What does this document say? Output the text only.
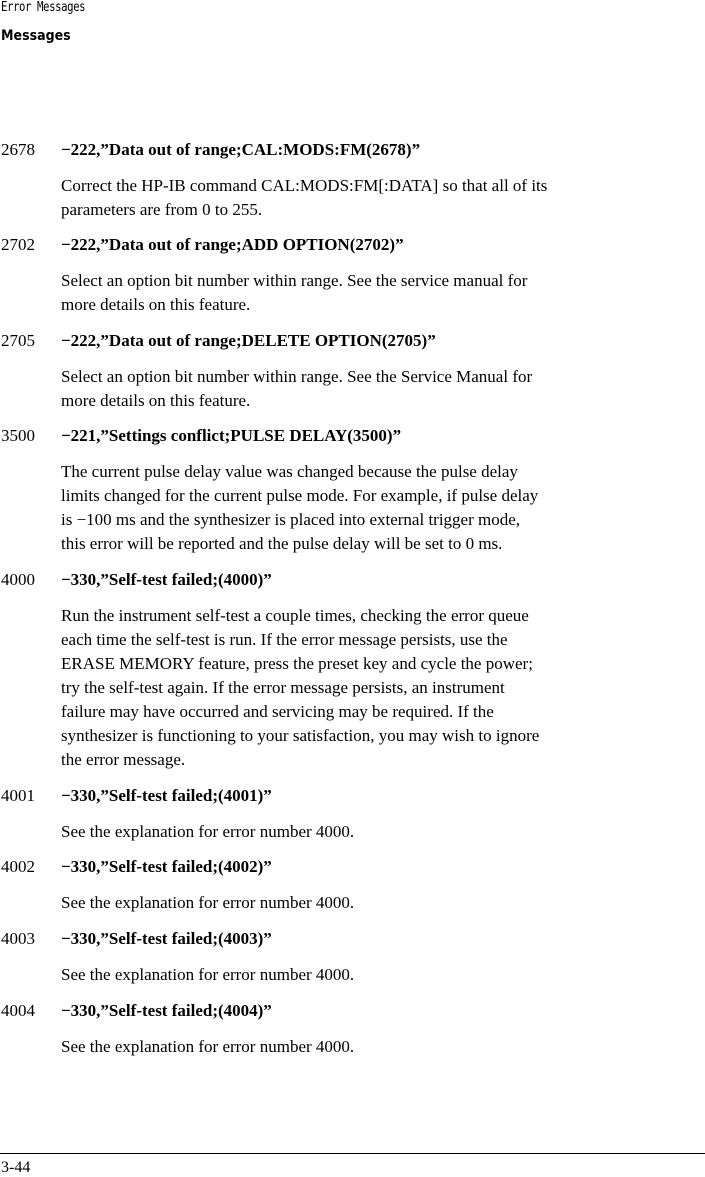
Error Messages
Messages
2678 −222,”Data out of range;CAL:MODS:FM(2678)”

Correct the HP-IB command CAL:MODS:FM[:DATA] so that all of its

parameters are from 0 to 255.

2702 −222,”Data out of range;ADD OPTION(2702)”

Select an option bit number within range. See the service manual for

more details on this feature.

2705 −222,”Data out of range;DELETE OPTION(2705)”

Select an option bit number within range. See the Service Manual for

more details on this feature.

3500 −221,”Settings conflict;PULSE DELAY(3500)”

The current pulse delay value was changed because the pulse delay

limits changed for the current pulse mode. For example, if pulse delay

is −100 ms and the synthesizer is placed into external trigger mode,

this error will be reported and the pulse delay will be set to 0 ms.

4000 −330,”Self-test failed;(4000)”

Run the instrument self-test a couple times, checking the error queue

each time the self-test is run. If the error message persists, use the

ERASE MEMORY feature, press the preset key and cycle the power;

try the self-test again. If the error message persists, an instrument

failure may have occurred and servicing may be required. If the

synthesizer is functioning to your satisfaction, you may wish to ignore

the error message.

4001 −330,”Self-test failed;(4001)”

See the explanation for error number 4000.

4002 −330,”Self-test failed;(4002)”

See the explanation for error number 4000.

4003 −330,”Self-test failed;(4003)”

See the explanation for error number 4000.

4004 −330,”Self-test failed;(4004)”

See the explanation for error number 4000.

3-44
